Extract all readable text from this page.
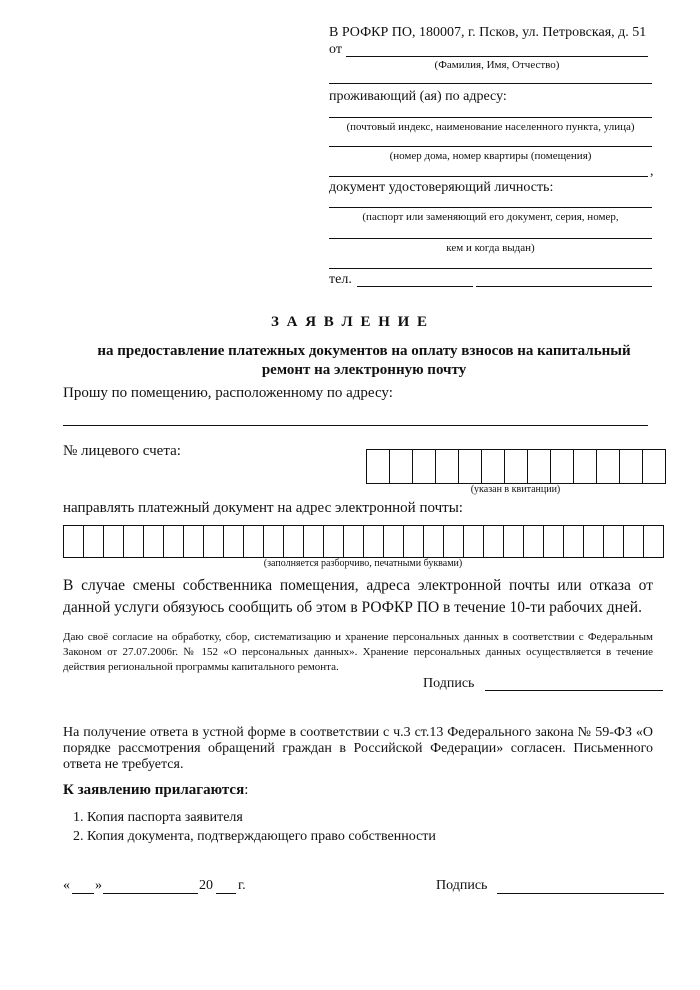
В РОФКР ПО, 180007, г. Псков, ул. Петровская, д. 51
от
(Фамилия, Имя, Отчество)
проживающий (ая) по адресу:
(почтовый индекс, наименование населенного пункта, улица)
(номер дома, номер квартиры (помещения)
,
документ удостоверяющий личность:
(паспорт или заменяющий его документ, серия, номер,
кем и когда выдан)
тел.
З А Я В Л Е Н И Е
на предоставление платежных документов на оплату взносов на капитальный
ремонт на электронную почту
Прошу по помещению, расположенному по адресу:
№ лицевого счета:
(указан в квитанции)
направлять платежный документ на адрес электронной почты:
(заполняется разборчиво, печатными буквами)
В случае смены собственника помещения, адреса электронной почты или отказа от данной услуги обязуюсь сообщить об этом в РОФКР ПО в течение 10-ти рабочих дней.
Даю своё согласие на обработку, сбор, систематизацию и хранение персональных данных в соответствии с Федеральным Законом от 27.07.2006г. № 152 «О персональных данных». Хранение персональных данных осуществляется в течение действия региональной программы капитального ремонта.
Подпись
На получение ответа в устной форме в соответствии с ч.3 ст.13 Федерального закона № 59-ФЗ «О порядке рассмотрения обращений граждан в Российской Федерации» согласен. Письменного ответа не требуется.
К заявлению прилагаются:
1. Копия паспорта заявителя
2. Копия документа, подтверждающего право собственности
« »	20 г.	Подпись
